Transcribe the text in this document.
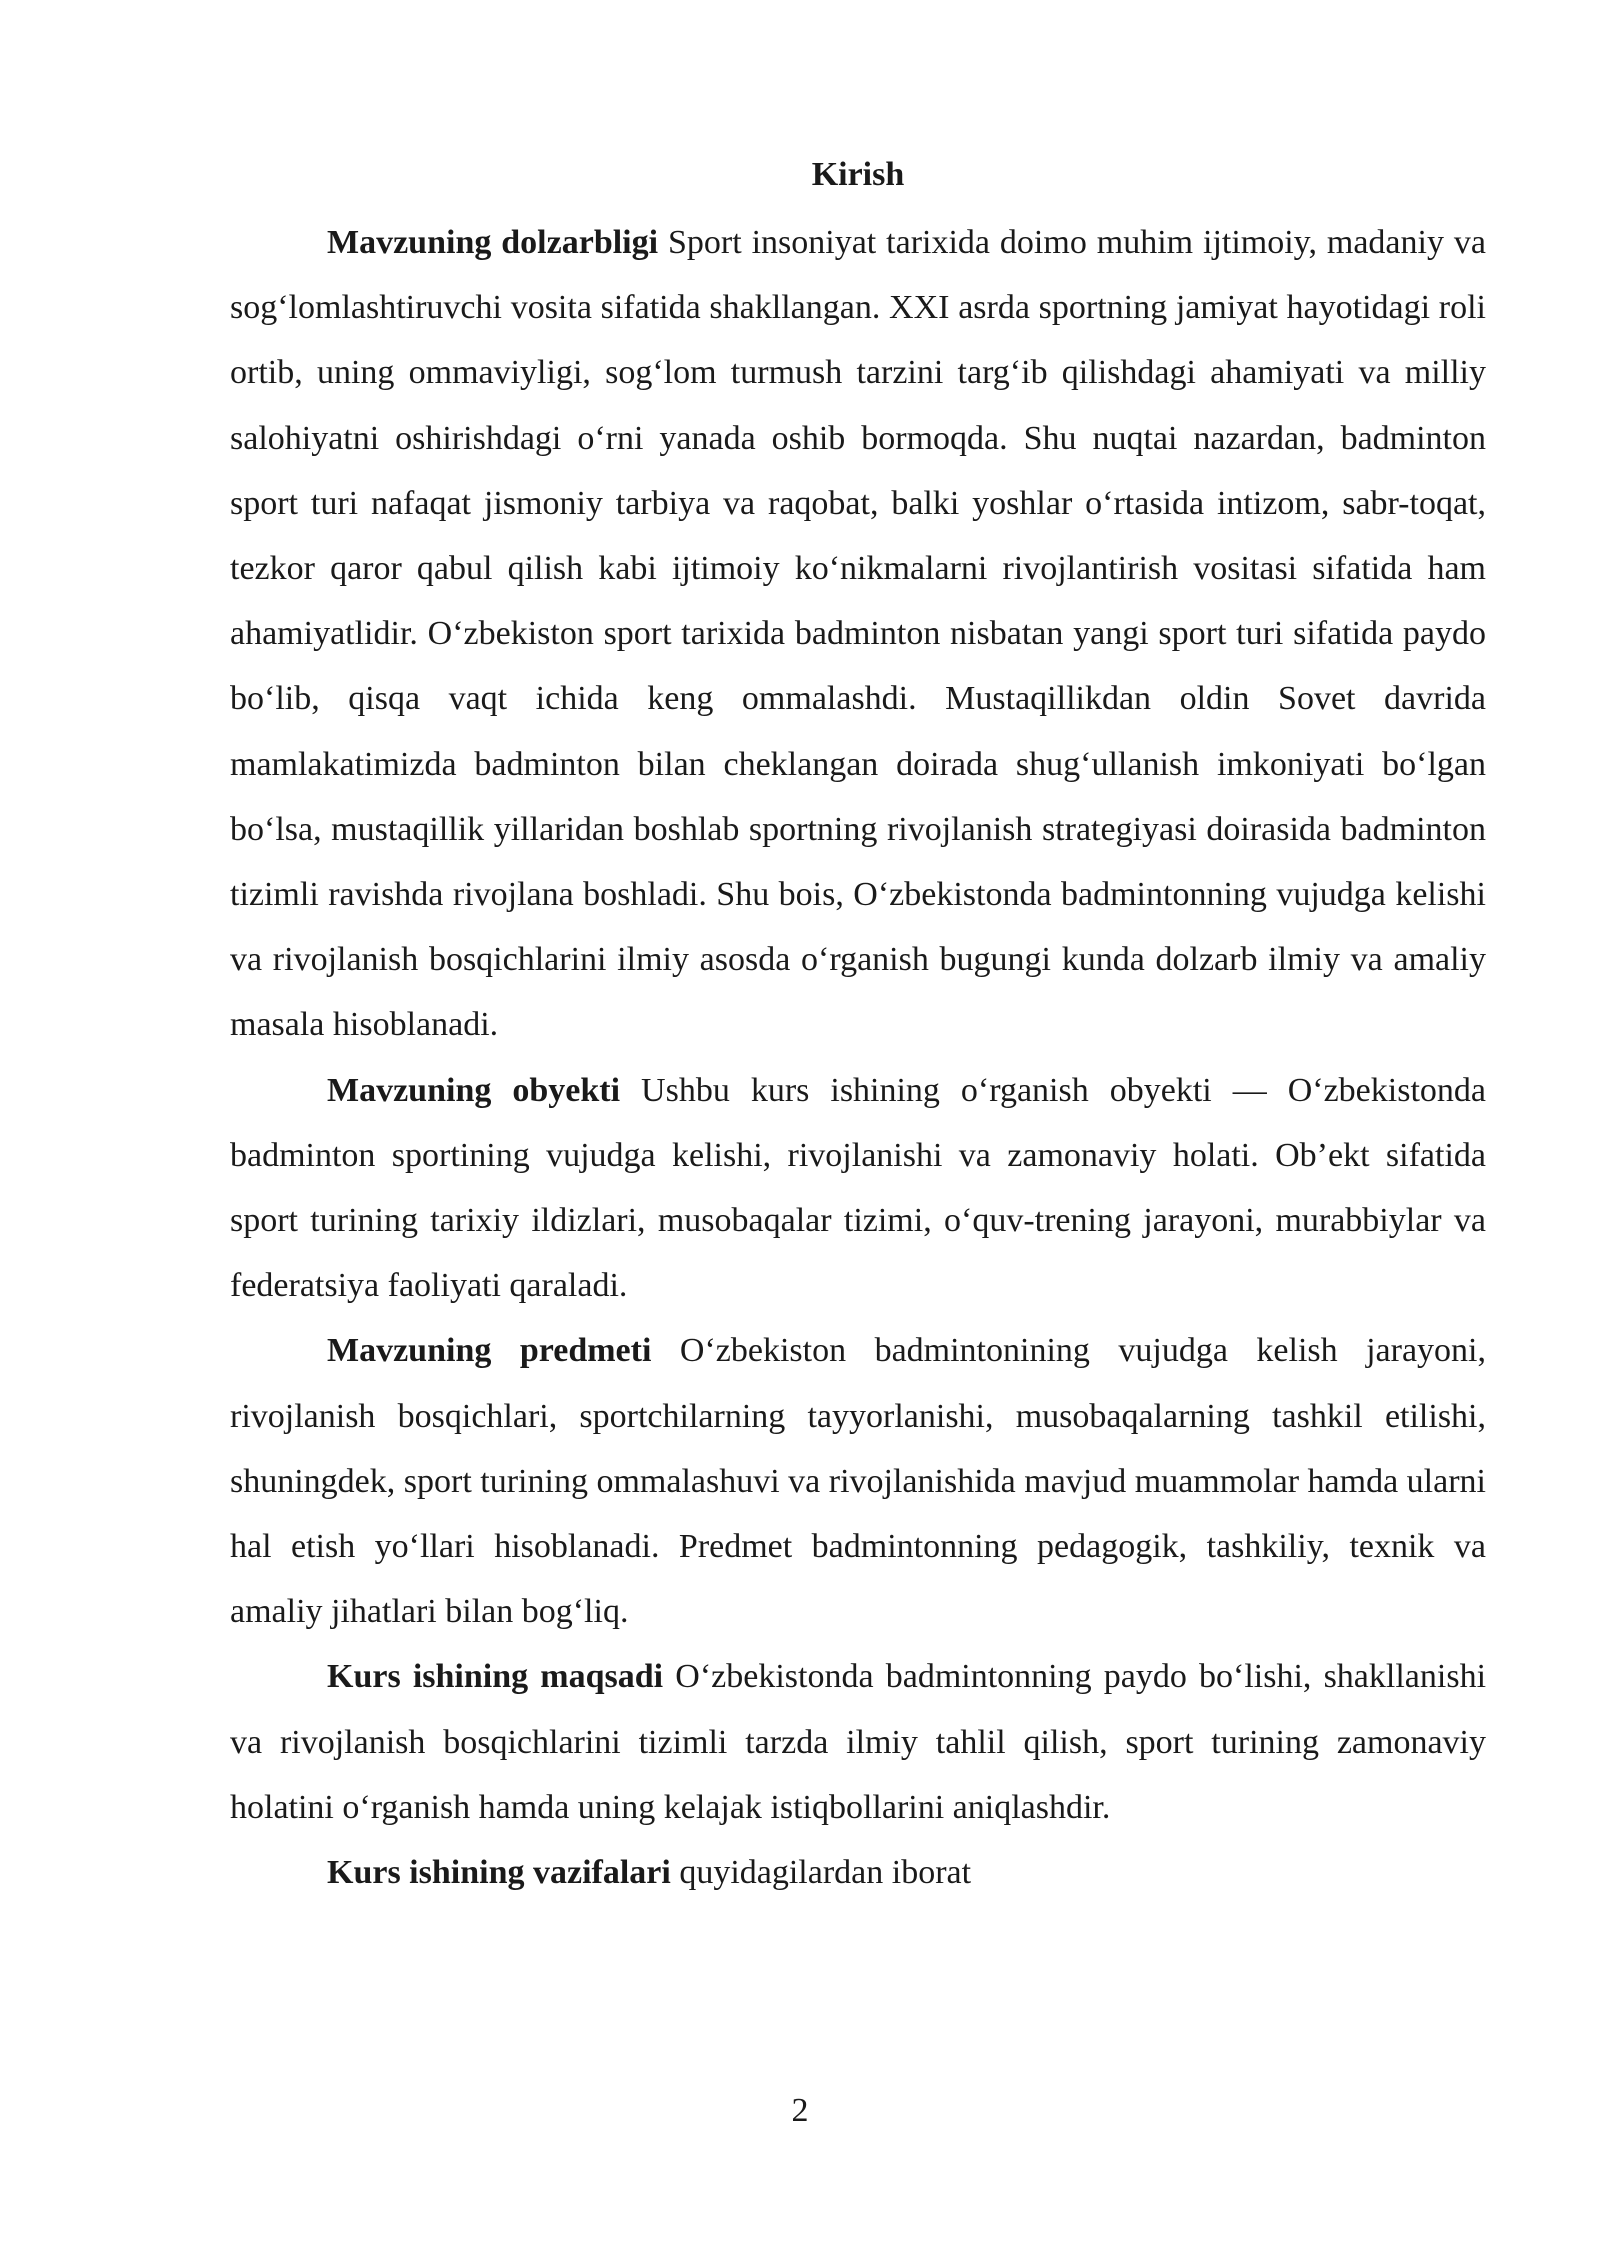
Kirish

Mavzuning dolzarbligi Sport insoniyat tarixida doimo muhim ijtimoiy, madaniy va sog‘lomlashtiruvchi vosita sifatida shakllangan. XXI asrda sportning jamiyat hayotidagi roli ortib, uning ommaviyligi, sog‘lom turmush tarzini targ‘ib qilishdagi ahamiyati va milliy salohiyatni oshirishdagi o‘rni yanada oshib bormoqda. Shu nuqtai nazardan, badminton sport turi nafaqat jismoniy tarbiya va raqobat, balki yoshlar o‘rtasida intizom, sabr-toqat, tezkor qaror qabul qilish kabi ijtimoiy ko‘nikmalarni rivojlantirish vositasi sifatida ham ahamiyatlidir. O‘zbekiston sport tarixida badminton nisbatan yangi sport turi sifatida paydo bo‘lib, qisqa vaqt ichida keng ommalashdi. Mustaqillikdan oldin Sovet davrida mamlakatimizda badminton bilan cheklangan doirada shug‘ullanish imkoniyati bo‘lgan bo‘lsa, mustaqillik yillaridan boshlab sportning rivojlanish strategiyasi doirasida badminton tizimli ravishda rivojlana boshladi. Shu bois, O‘zbekistonda badmintonning vujudga kelishi va rivojlanish bosqichlarini ilmiy asosda o‘rganish bugungi kunda dolzarb ilmiy va amaliy masala hisoblanadi.

Mavzuning obyekti Ushbu kurs ishining o‘rganish obyekti — O‘zbekistonda badminton sportining vujudga kelishi, rivojlanishi va zamonaviy holati. Ob’ekt sifatida sport turining tarixiy ildizlari, musobaqalar tizimi, o‘quv-trening jarayoni, murabbiylar va federatsiya faoliyati qaraladi.

Mavzuning predmeti O‘zbekiston badmintonining vujudga kelish jarayoni, rivojlanish bosqichlari, sportchilarning tayyorlanishi, musobaqalarning tashkil etilishi, shuningdek, sport turining ommalashuvi va rivojlanishida mavjud muammolar hamda ularni hal etish yo‘llari hisoblanadi. Predmet badmintonning pedagogik, tashkiliy, texnik va amaliy jihatlari bilan bog‘liq.

Kurs ishining maqsadi O‘zbekistonda badmintonning paydo bo‘lishi, shakllanishi va rivojlanish bosqichlarini tizimli tarzda ilmiy tahlil qilish, sport turining zamonaviy holatini o‘rganish hamda uning kelajak istiqbollarini aniqlashdir.

Kurs ishining vazifalari quyidagilardan iborat

2
